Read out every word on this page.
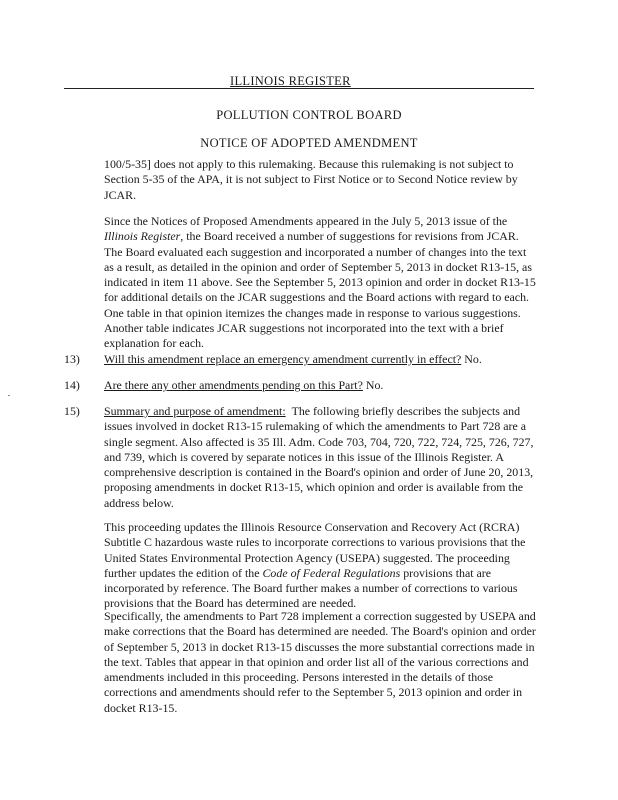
ILLINOIS REGISTER
POLLUTION CONTROL BOARD
NOTICE OF ADOPTED AMENDMENT
100/5-35] does not apply to this rulemaking. Because this rulemaking is not subject to Section 5-35 of the APA, it is not subject to First Notice or to Second Notice review by JCAR.
Since the Notices of Proposed Amendments appeared in the July 5, 2013 issue of the Illinois Register, the Board received a number of suggestions for revisions from JCAR. The Board evaluated each suggestion and incorporated a number of changes into the text as a result, as detailed in the opinion and order of September 5, 2013 in docket R13-15, as indicated in item 11 above. See the September 5, 2013 opinion and order in docket R13-15 for additional details on the JCAR suggestions and the Board actions with regard to each. One table in that opinion itemizes the changes made in response to various suggestions. Another table indicates JCAR suggestions not incorporated into the text with a brief explanation for each.
13) Will this amendment replace an emergency amendment currently in effect? No.
14) Are there any other amendments pending on this Part? No.
15) Summary and purpose of amendment: The following briefly describes the subjects and issues involved in docket R13-15 rulemaking of which the amendments to Part 728 are a single segment. Also affected is 35 Ill. Adm. Code 703, 704, 720, 722, 724, 725, 726, 727, and 739, which is covered by separate notices in this issue of the Illinois Register. A comprehensive description is contained in the Board's opinion and order of June 20, 2013, proposing amendments in docket R13-15, which opinion and order is available from the address below.
This proceeding updates the Illinois Resource Conservation and Recovery Act (RCRA) Subtitle C hazardous waste rules to incorporate corrections to various provisions that the United States Environmental Protection Agency (USEPA) suggested. The proceeding further updates the edition of the Code of Federal Regulations provisions that are incorporated by reference. The Board further makes a number of corrections to various provisions that the Board has determined are needed.
Specifically, the amendments to Part 728 implement a correction suggested by USEPA and make corrections that the Board has determined are needed. The Board's opinion and order of September 5, 2013 in docket R13-15 discusses the more substantial corrections made in the text. Tables that appear in that opinion and order list all of the various corrections and amendments included in this proceeding. Persons interested in the details of those corrections and amendments should refer to the September 5, 2013 opinion and order in docket R13-15.
